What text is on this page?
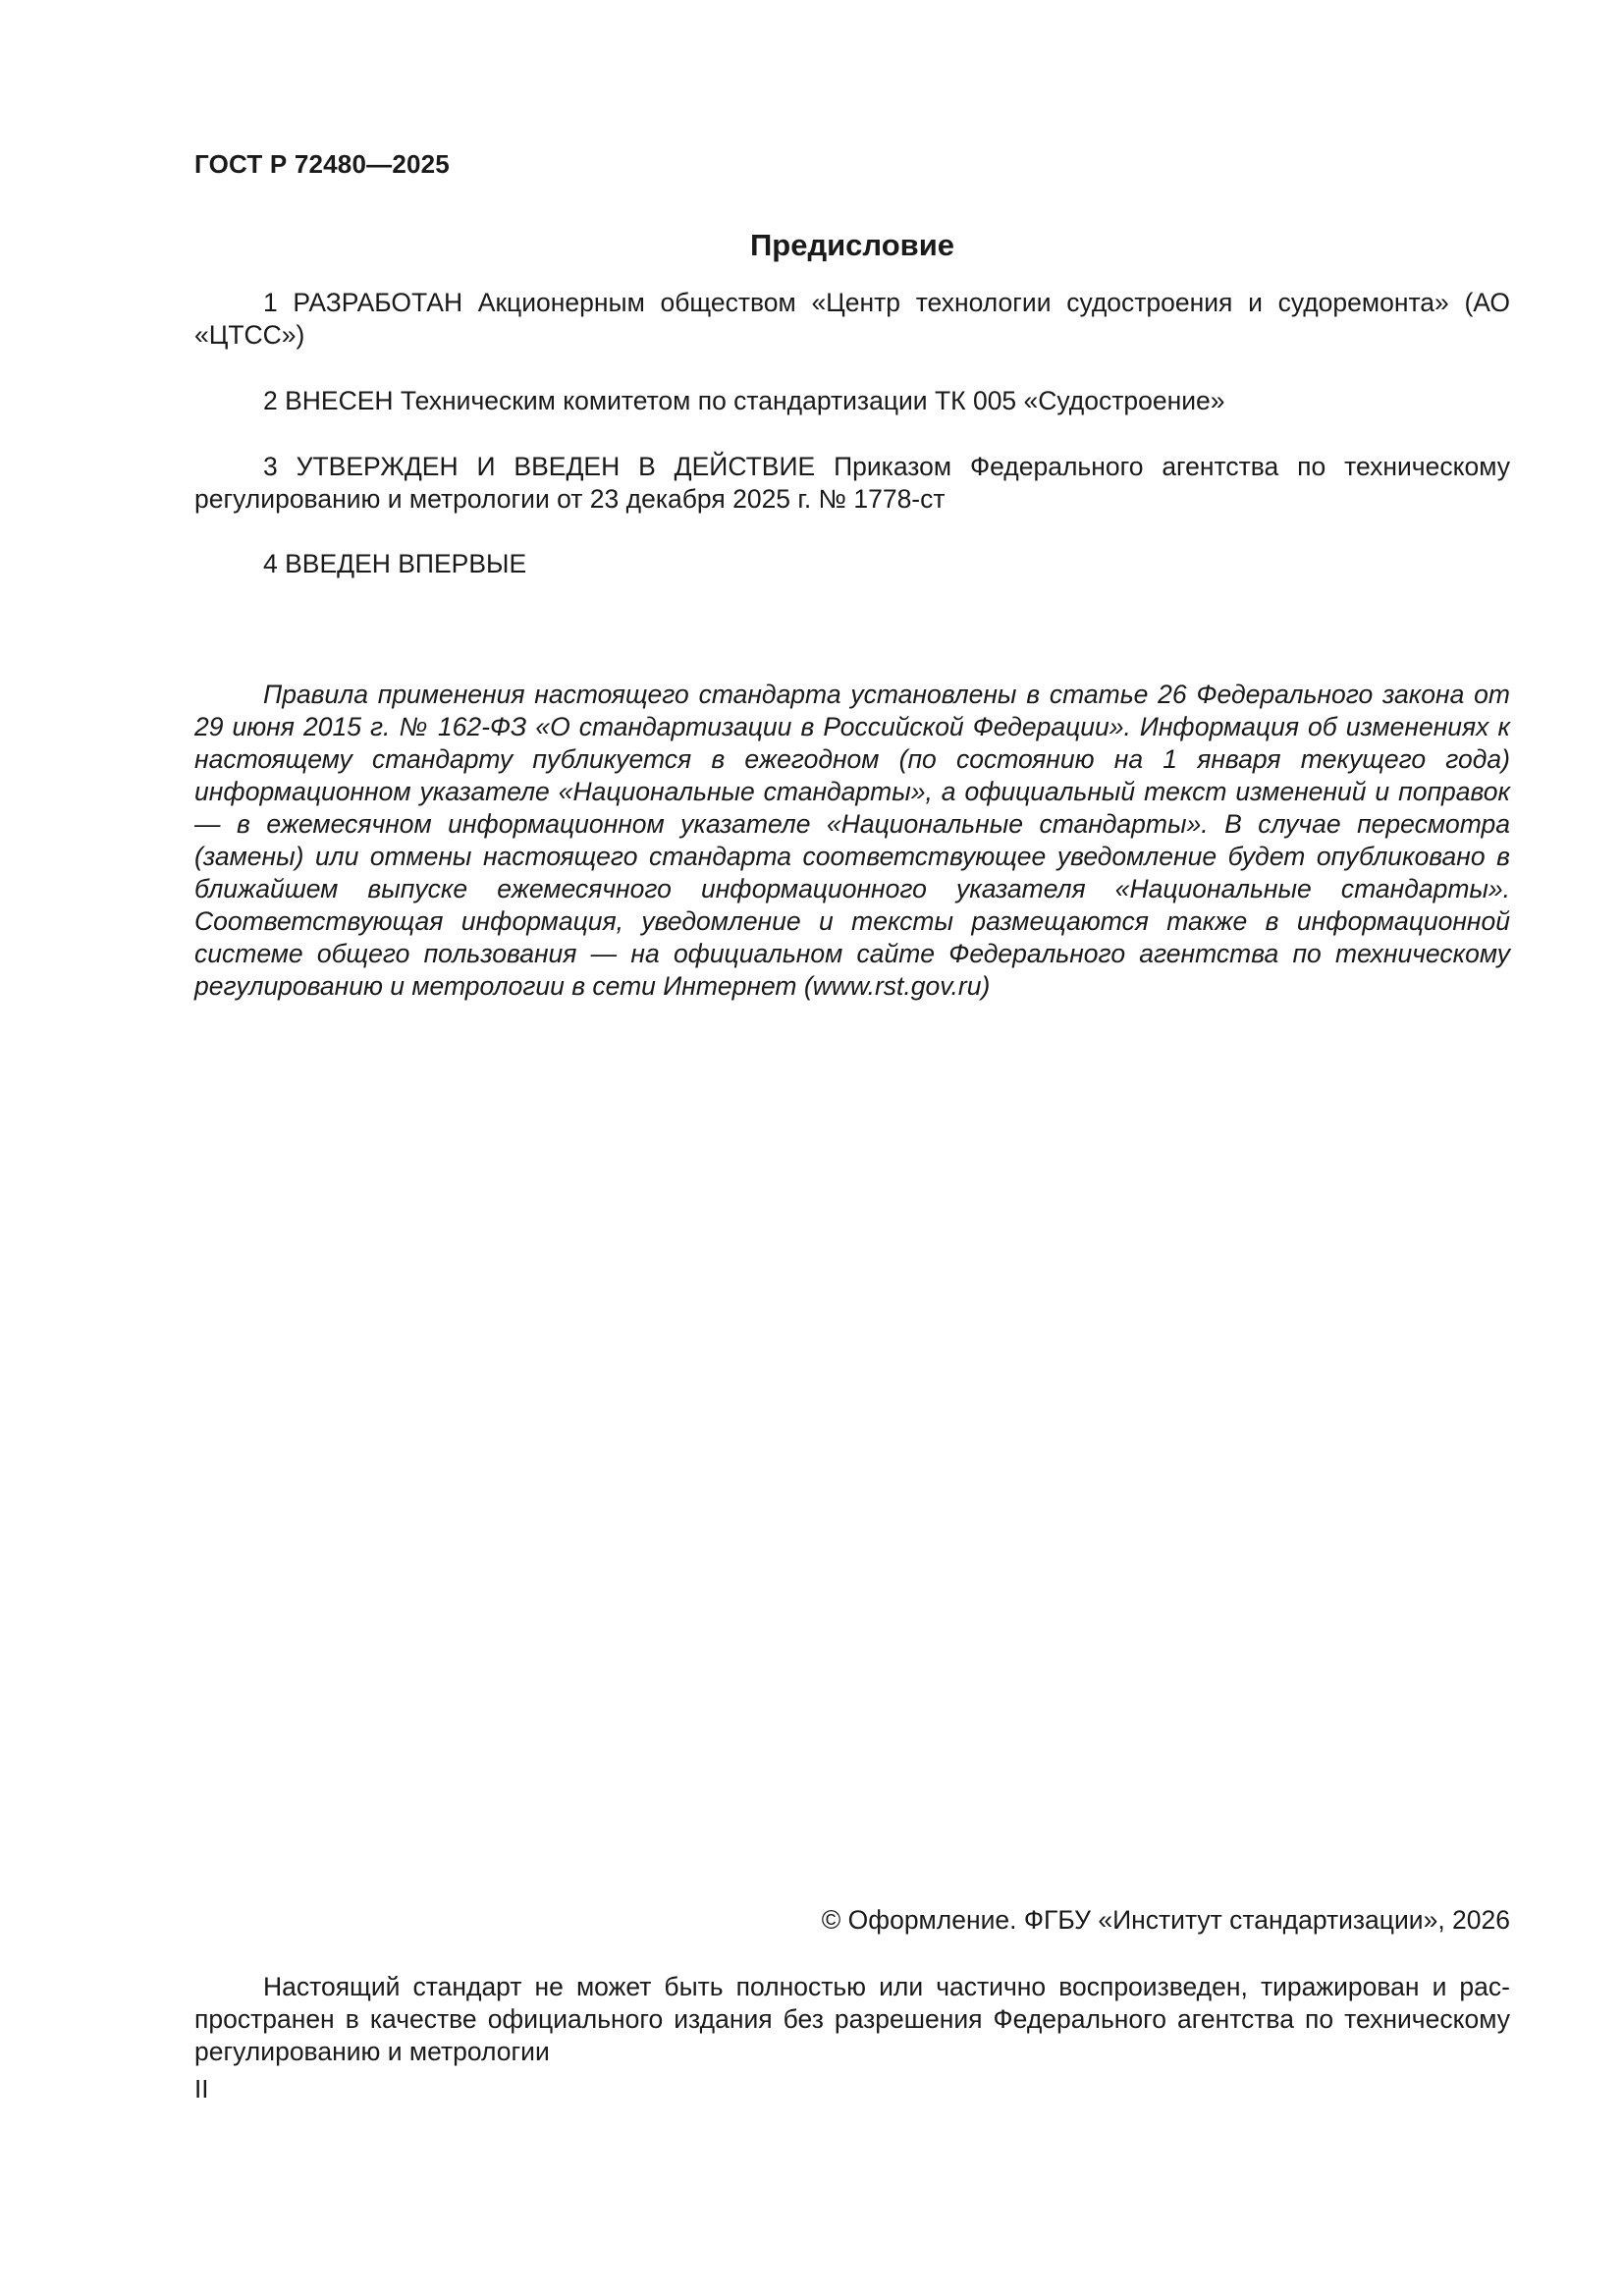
ГОСТ Р 72480—2025
Предисловие

1 РАЗРАБОТАН Акционерным обществом «Центр технологии судостроения и судоремонта» (АО «ЦТСС»)

2 ВНЕСЕН Техническим комитетом по стандартизации ТК 005 «Судостроение»

3 УТВЕРЖДЕН И ВВЕДЕН В ДЕЙСТВИЕ Приказом Федерального агентства по техническому регулированию и метрологии от 23 декабря 2025 г. № 1778-ст

4 ВВЕДЕН ВПЕРВЫЕ

Правила применения настоящего стандарта установлены в статье 26 Федерального закона от 29 июня 2015 г. № 162-ФЗ «О стандартизации в Российской Федерации». Информация об изменениях к настоящему стандарту публикуется в ежегодном (по состоянию на 1 января текущего года) информационном указателе «Национальные стандарты», а официальный текст изменений и поправок — в ежемесячном информационном указателе «Национальные стандарты». В случае пересмотра (замены) или отмены настоящего стандарта соответствующее уведомление будет опубликовано в ближайшем выпуске ежемесячного информационного указателя «Национальные стандарты». Соответствующая информация, уведомление и тексты размещаются также в информационной системе общего пользования — на официальном сайте Федерального агентства по техническому регулированию и метрологии в сети Интернет (www.rst.gov.ru)

© Оформление. ФГБУ «Институт стандартизации», 2026

Настоящий стандарт не может быть полностью или частично воспроизведен, тиражирован и распространен в качестве официального издания без разрешения Федерального агентства по техническому регулированию и метрологии

II
